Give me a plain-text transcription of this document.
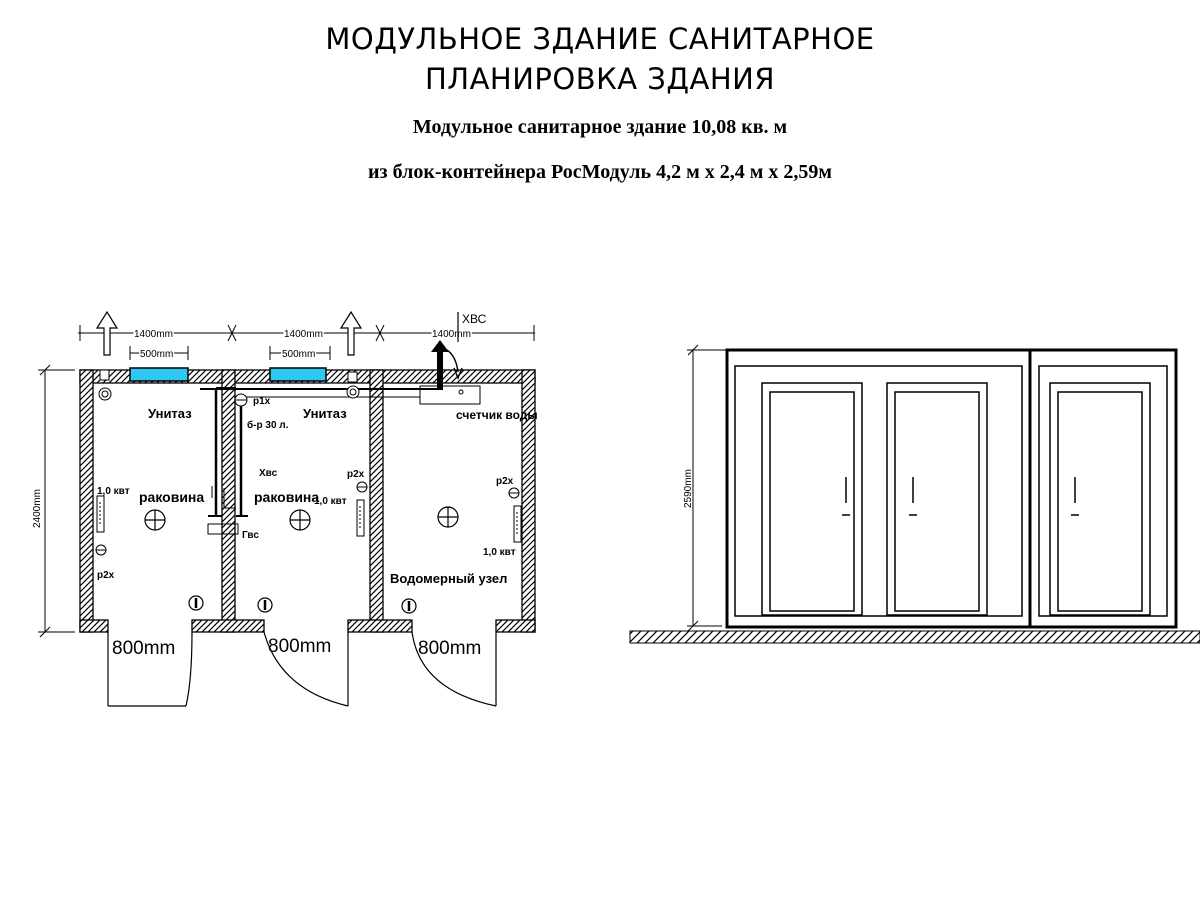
МОДУЛЬНОЕ ЗДАНИЕ САНИТАРНОЕ
ПЛАНИРОВКА ЗДАНИЯ
Модульное санитарное здание 10,08 кв. м
из блок-контейнера РосМодуль 4,2 м х 2,4 м х 2,59м
1400mm	1400mm	1400mm
500mm	500mm
2400mm
ХВС
счетчик воды
р1х
б-р 30 л.
Унитаз	Унитаз
раковина	раковина
Хвс
Гвс
1,0 квт
1,0 квт
1,0 квт
р2х
р2х
р2х
Водомерный узел
800mm	800mm	800mm
2590mm
